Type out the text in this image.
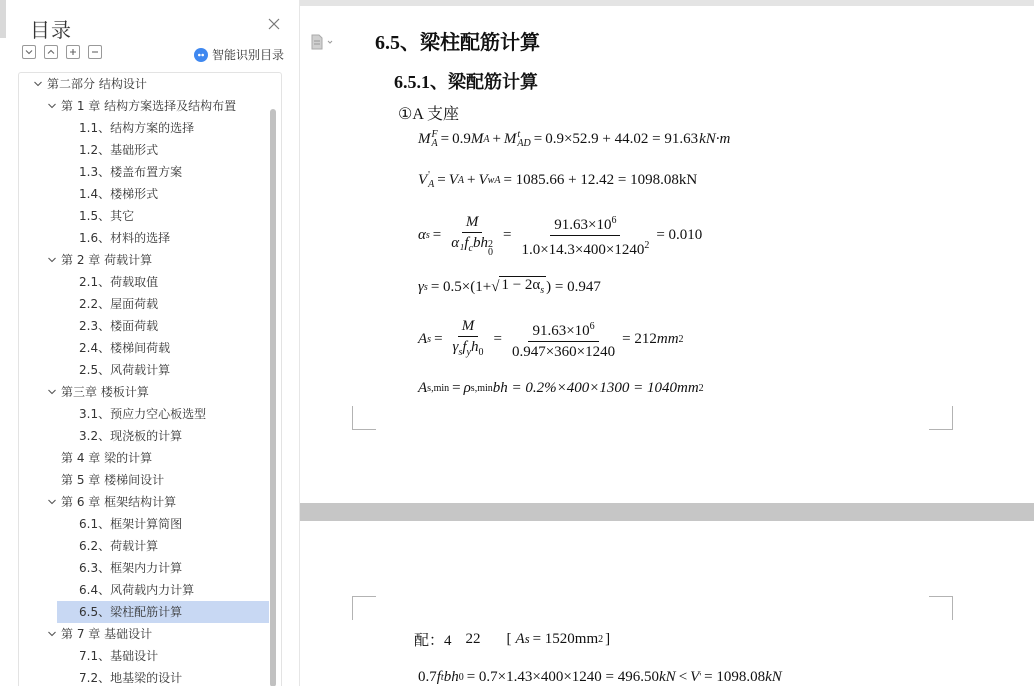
目录
智能识别目录
第二部分 结构设计
第 1 章 结构方案选择及结构布置
1.1、结构方案的选择
1.2、基础形式
1.3、楼盖布置方案
1.4、楼梯形式
1.5、其它
1.6、材料的选择
第 2 章 荷载计算
2.1、荷载取值
2.2、屋面荷载
2.3、楼面荷载
2.4、楼梯间荷载
2.5、风荷载计算
第三章 楼板计算
3.1、预应力空心板选型
3.2、现浇板的计算
第 4 章 梁的计算
第 5 章 楼梯间设计
第 6 章 框架结构计算
6.1、框架计算简图
6.2、荷载计算
6.3、框架内力计算
6.4、风荷载内力计算
6.5、梁柱配筋计算
第 7 章 基础设计
7.1、基础设计
7.2、地基梁的设计
6.5、梁柱配筋计算
6.5.1、梁配筋计算
①A 支座
M F
A = 0.9 M A + M t
AD = 0.9×52.9 + 44.02 = 91.63 kN·m
V '
A = V A + V wA = 1085.66 + 12.42 = 1098.08kN
α s = M
$\alpha_1f_cbh$ 2
$0 = \frac{91.63\times 10^6}{1.0\times 14.3\times 400\times 1240^2} = 0.010$
γ s = 0.5×(1+ √ $1 - 2\alpha_s$ ) = 0.947
A $s = \frac{M}{\gamma_sf_yh_0} = \frac{91.63\times 10^6}{0.947\times 360\times 1240} = 212$ mm 2
A s,min = ρ s,min bh = 0.2%×400×1300 = 1040 mm 2
配：4 22 [ A s = 1520mm 2 ]
0.7 f t bh 0 = 0.7×1.43×400×1240 = 496.50 kN < V ' = 1098.08 kN
